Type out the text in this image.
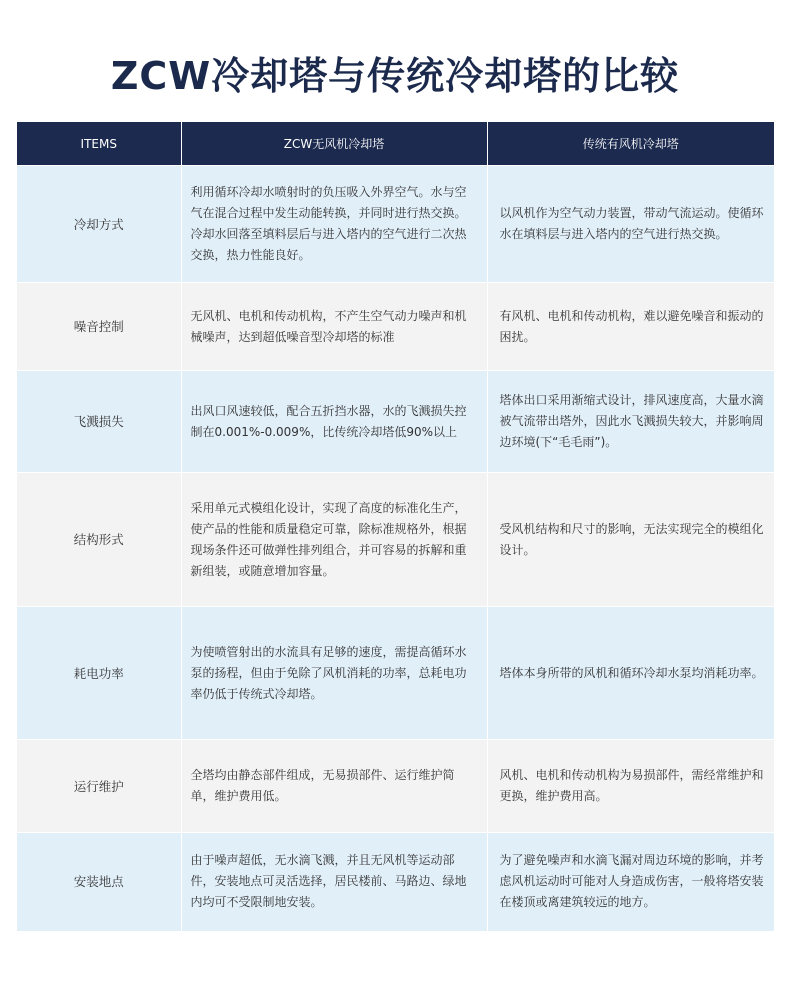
ZCW冷却塔与传统冷却塔的比较
ITEMS	ZCW无风机冷却塔	传统有风机冷却塔
冷却方式	利用循环冷却水喷射时的负压吸入外界空气。水与空气在混合过程中发生动能转换，并同时进行热交换。冷却水回落至填料层后与进入塔内的空气进行二次热交换，热力性能良好。	以风机作为空气动力装置，带动气流运动。使循环水在填料层与进入塔内的空气进行热交换。
噪音控制	无风机、电机和传动机构，不产生空气动力噪声和机械噪声，达到超低噪音型冷却塔的标准	有风机、电机和传动机构，难以避免噪音和振动的困扰。
飞溅损失	出风口风速较低，配合五折挡水器，水的飞溅损失控制在0.001%-0.009%，比传统冷却塔低90%以上	塔体出口采用渐缩式设计，排风速度高，大量水滴被气流带出塔外，因此水飞溅损失较大，并影响周边环境(下“毛毛雨”)。
结构形式	采用单元式模组化设计，实现了高度的标准化生产，使产品的性能和质量稳定可靠，除标准规格外，根据现场条件还可做弹性排列组合，并可容易的拆解和重新组装，或随意增加容量。	受风机结构和尺寸的影响，无法实现完全的模组化设计。
耗电功率	为使喷管射出的水流具有足够的速度，需提高循环水泵的扬程，但由于免除了风机消耗的功率，总耗电功率仍低于传统式冷却塔。	塔体本身所带的风机和循环冷却水泵均消耗功率。
运行维护	全塔均由静态部件组成，无易损部件、运行维护简单，维护费用低。	风机、电机和传动机构为易损部件，需经常维护和更换，维护费用高。
安装地点	由于噪声超低，无水滴飞溅，并且无风机等运动部件，安装地点可灵活选择，居民楼前、马路边、绿地内均可不受限制地安装。	为了避免噪声和水滴飞漏对周边环境的影响，并考虑风机运动时可能对人身造成伤害，一般将塔安装在楼顶或离建筑较远的地方。
